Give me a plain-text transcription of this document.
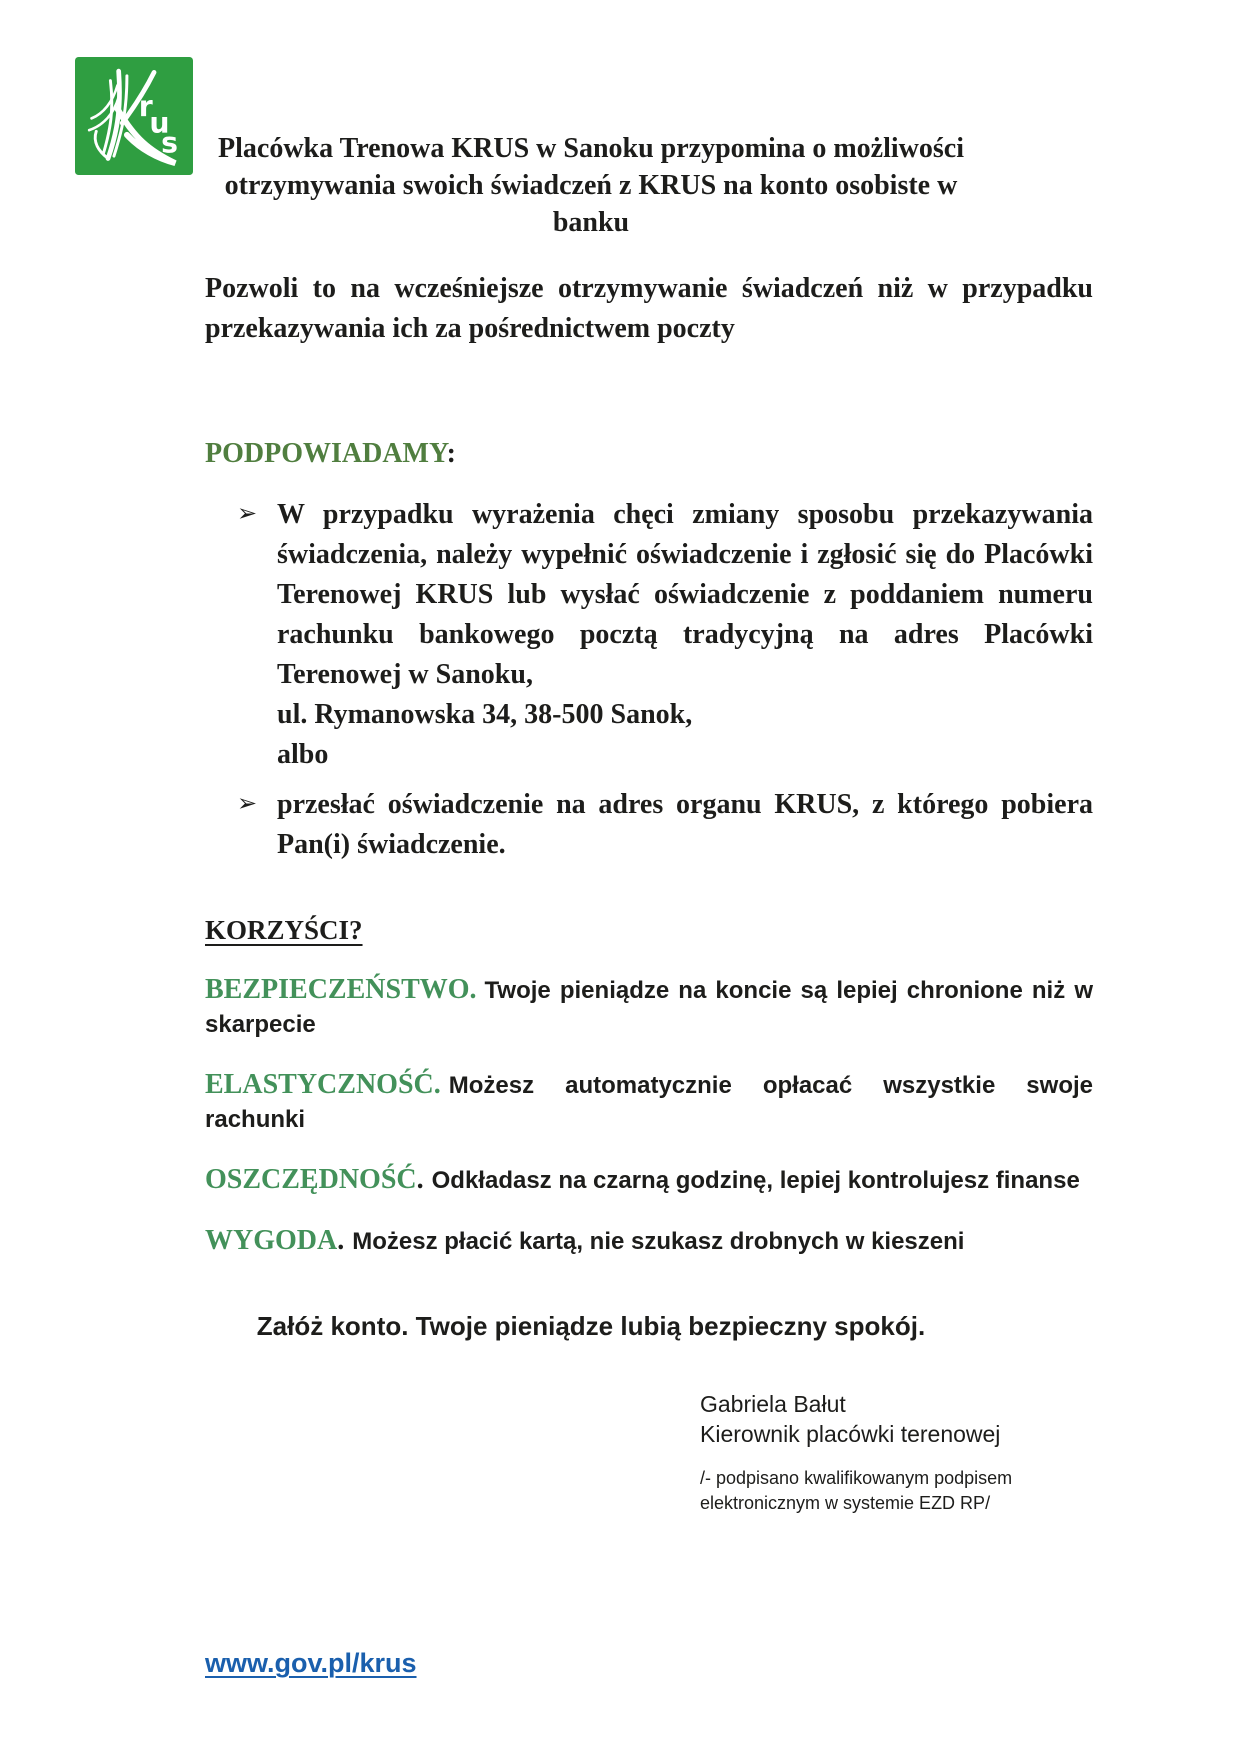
r
u
s	Placówka Trenowa KRUS w Sanoku przypomina o możliwości otrzymywania swoich świadczeń z KRUS na konto osobiste w banku
Pozwoli to na wcześniejsze otrzymywanie świadczeń niż w przypadku przekazywania ich za pośrednictwem poczty
PODPOWIADAMY:
➢ W przypadku wyrażenia chęci zmiany sposobu przekazywania świadczenia, należy wypełnić oświadczenie i zgłosić się do Placówki Terenowej KRUS lub wysłać oświadczenie z poddaniem numeru rachunku bankowego pocztą tradycyjną na adres Placówki Terenowej w Sanoku,
ul. Rymanowska 34, 38-500 Sanok,
albo
➢ przesłać oświadczenie na adres organu KRUS, z którego pobiera Pan(i) świadczenie.
KORZYŚCI?
BEZPIECZEŃSTWO. Twoje pieniądze na koncie są lepiej chronione niż w skarpecie
ELASTYCZNOŚĆ. Możesz automatycznie opłacać wszystkie swoje rachunki
OSZCZĘDNOŚĆ. Odkładasz na czarną godzinę, lepiej kontrolujesz finanse
WYGODA. Możesz płacić kartą, nie szukasz drobnych w kieszeni
Załóż konto. Twoje pieniądze lubią bezpieczny spokój.
Gabriela Bałut
Kierownik placówki terenowej
/- podpisano kwalifikowanym podpisem
elektronicznym w systemie EZD RP/
www.gov.pl/krus
